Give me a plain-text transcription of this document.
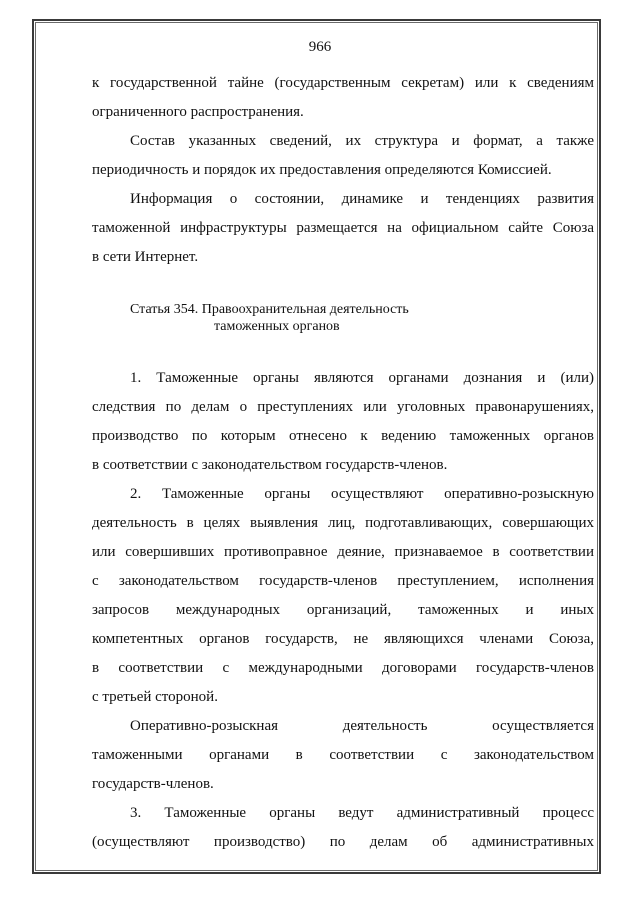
966

к государственной тайне (государственным секретам) или к сведениям

ограниченного распространения.

Состав указанных сведений, их структура и формат, а также

периодичность и порядок их предоставления определяются Комиссией.

Информация о состоянии, динамике и тенденциях развития

таможенной инфраструктуры размещается на официальном сайте Союза

в сети Интернет.

Статья 354. Правоохранительная деятельность
таможенных органов

1. Таможенные органы являются органами дознания и (или)

следствия по делам о преступлениях или уголовных правонарушениях,

производство по которым отнесено к ведению таможенных органов

в соответствии с законодательством государств-членов.

2. Таможенные органы осуществляют оперативно-розыскную

деятельность в целях выявления лиц, подготавливающих, совершающих

или совершивших противоправное деяние, признаваемое в соответствии

с законодательством государств-членов преступлением, исполнения

запросов международных организаций, таможенных и иных

компетентных органов государств, не являющихся членами Союза,

в соответствии с международными договорами государств-членов

с третьей стороной.

Оперативно-розыскная деятельность осуществляется

таможенными органами в соответствии с законодательством

государств-членов.

3. Таможенные органы ведут административный процесс

(осуществляют производство) по делам об административных
